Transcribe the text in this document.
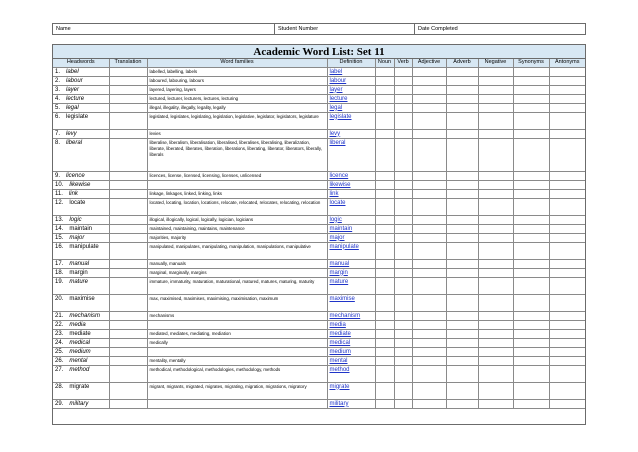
Name	Student Number	Date Completed
Academic Word List: Set 11
Headwords	Translation	Word families	Definition	Noun	Verb	Adjective	Adverb	Negative	Synonyms	Antonyms
1. label		labelled, labelling, labels	label							
2. labour		laboured, labouring, labours	labour							
3. layer		layered, layering, layers	layer							
4. lecture		lectured, lecturer, lecturers, lectures, lecturing	lecture							
5. legal		illegal, illegality, illegally, legality, legally	legal							
6. legislate		legislated, legislates, legislating, legislation, legislative, legislator, legislators, legislature	legislate							
7. levy		levies	levy							
8. liberal		liberalise, liberalism, liberalisation, liberalised, liberalises, liberalising, liberalization, liberate, liberated, liberates, liberation, liberations, liberating, liberator, liberators, liberally, liberals	liberal							
9. licence		licences, license, licensed, licensing, licenses, unlicensed	licence							
10. likewise			likewise							
11. link		linkage, linkages, linked, linking, links	link							
12. locate		located, locating, location, locations, relocate, relocated, relocates, relocating, relocation	locate							
13. logic		illogical, illogically, logical, logically, logician, logicians	logic							
14. maintain		maintained, maintaining, maintains, maintenance	maintain							
15. major		majorities, majority	major							
16. manipulate		manipulated, manipulates, manipulating, manipulation, manipulations, manipulative	manipulate							
17. manual		manually, manuals	manual							
18. margin		marginal, marginally, margins	margin							
19. mature		immature, immaturity, maturation, maturational, matured, matures, maturing, maturity	mature							
20. maximise		max, maximised, maximises, maximising, maximisation, maximum	maximise							
21. mechanism		mechanisms	mechanism							
22. media			media							
23. mediate		mediated, mediates, mediating, mediation	mediate							
24. medical		medically	medical							
25. medium			medium							
26. mental		mentality, mentally	mental							
27. method		methodical, methodological, methodologies, methodology, methods	method							
28. migrate		migrant, migrants, migrated, migrates, migrating, migration, migrations, migratory	migrate							
29. military			military							
